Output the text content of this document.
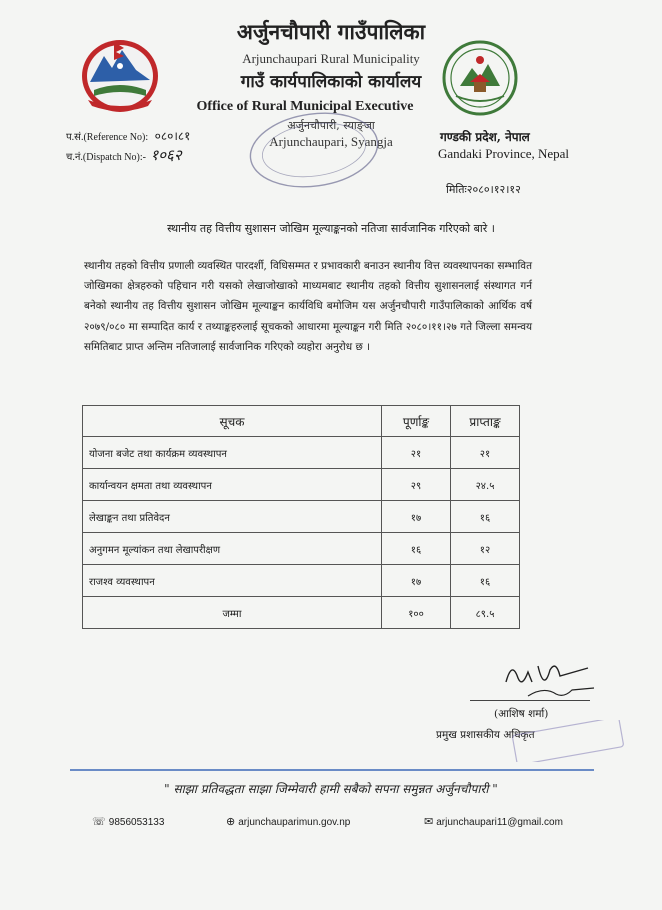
अर्जुनचौपारी गाउँपालिका
Arjunchaupari Rural Municipality
गाउँ कार्यपालिकाको कार्यालय
Office of Rural Municipal Executive
अर्जुनचौपारी, स्याङ्जा
Arjunchaupari, Syangja
प.सं.(Reference No): ०८०।८१
च.नं.(Dispatch No):- १०६२
गण्डकी प्रदेश, नेपाल
Gandaki Province, Nepal
मितिः२०८०।१२।१२
स्थानीय तह वित्तीय सुशासन जोखिम मूल्याङ्कनको नतिजा सार्वजानिक गरिएको बारे ।
स्थानीय तहको वित्तीय प्रणाली व्यवस्थित पारदर्शी, विधिसम्मत र प्रभावकारी बनाउन स्थानीय वित्त व्यवस्थापनका सम्भावित जोखिमका क्षेत्रहरुको पहिचान गरी यसको लेखाजोखाको माध्यमबाट स्थानीय तहको वित्तीय सुशासनलाई संस्थागत गर्न बनेको स्थानीय तह वित्तीय सुशासन जोखिम मूल्याङ्कन कार्यविधि बमोजिम यस अर्जुनचौपारी गाउँपालिकाको आर्थिक वर्ष २०७९/०८० मा सम्पादित कार्य र तथ्याङ्कहरुलाई सूचकको आधारमा मूल्याङ्कन गरी मिति २०८०।११।२७ गते जिल्ला समन्वय समितिबाट प्राप्त अन्तिम नतिजालाई सार्वजानिक गरिएको व्यहोरा अनुरोध छ ।
सूचक	पूर्णाङ्क	प्राप्ताङ्क
योजना बजेट तथा कार्यक्रम व्यवस्थापन	२१	२१
कार्यान्वयन क्षमता तथा व्यवस्थापन	२९	२४.५
लेखाङ्कन तथा प्रतिवेदन	१७	१६
अनुगमन मूल्यांकन तथा लेखापरीक्षण	१६	१२
राजश्व व्यवस्थापन	१७	१६
जम्मा	१००	८९.५
(आशिष शर्मा)
प्रमुख प्रशासकीय अधिकृत
" साझा प्रतिवद्धता साझा जिम्मेवारी हामी सबैको सपना समुन्नत अर्जुनचौपारी "
☏ 9856053133	⊕ arjunchauparimun.gov.np	✉ arjunchaupari11@gmail.com
